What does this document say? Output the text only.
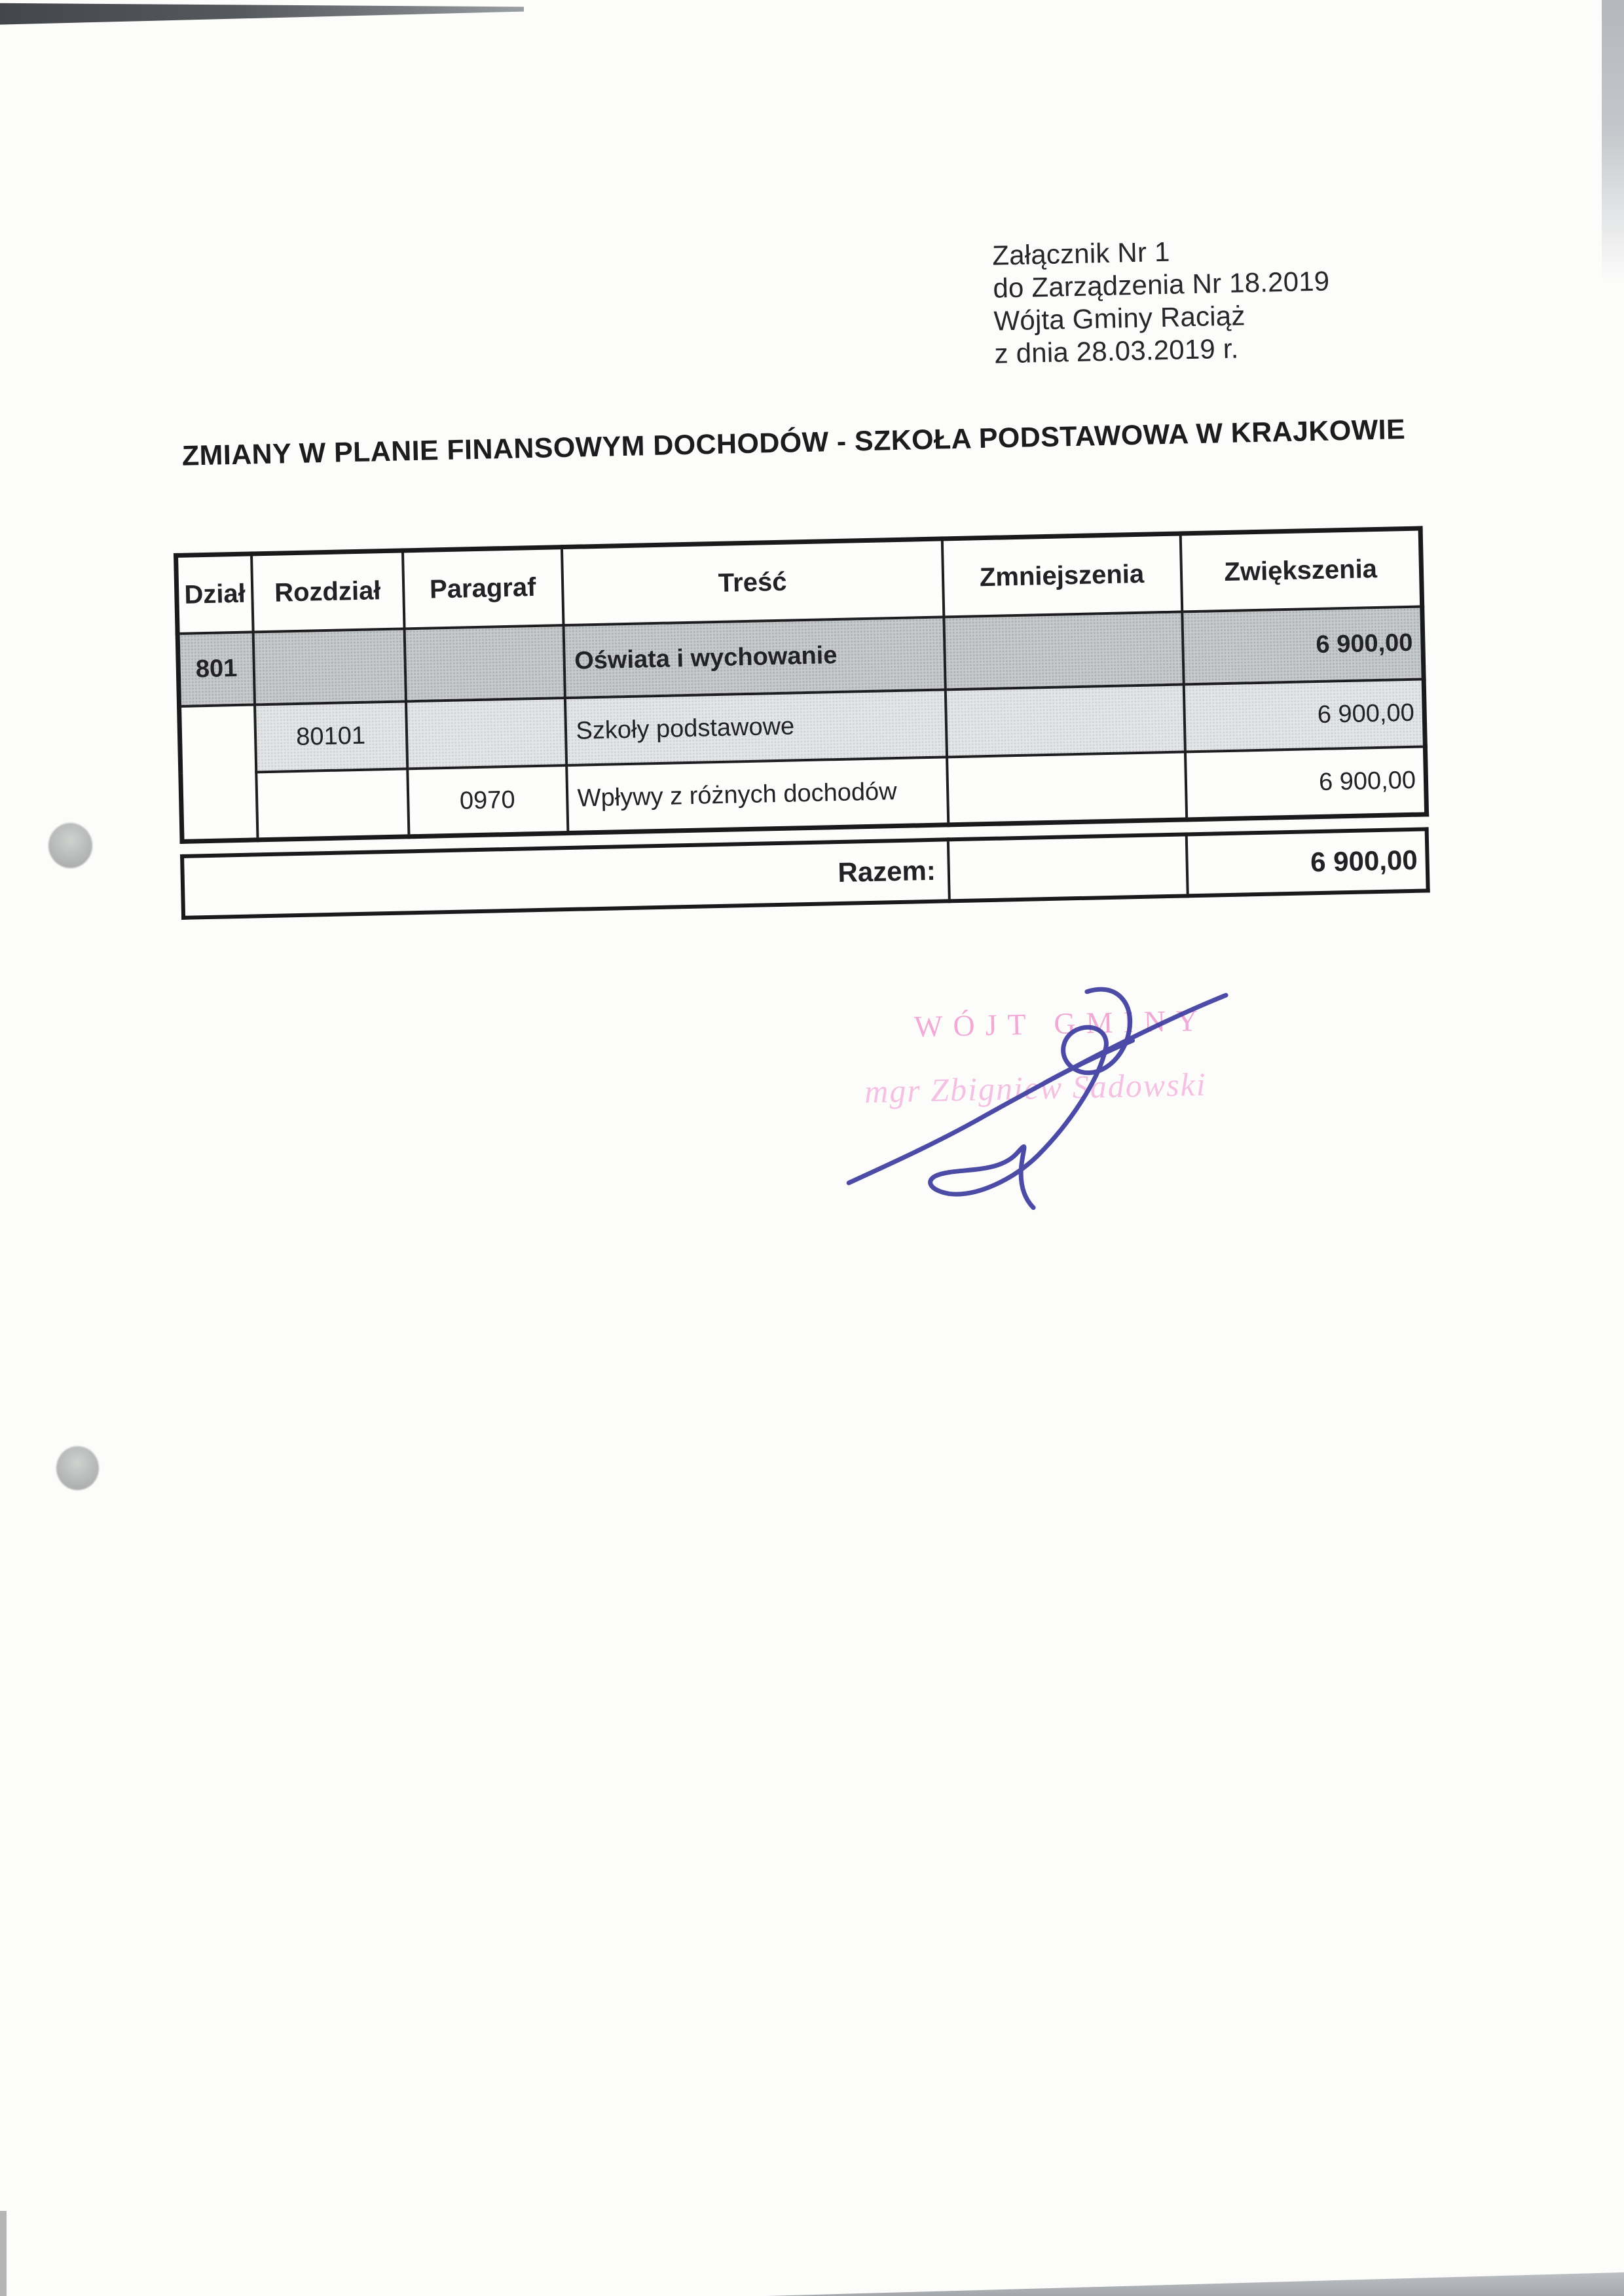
Załącznik Nr 1
do Zarządzenia Nr 18.2019
Wójta Gminy Raciąż
z dnia 28.03.2019 r.
ZMIANY W PLANIE FINANSOWYM DOCHODÓW - SZKOŁA PODSTAWOWA W KRAJKOWIE
Dział	Rozdział	Paragraf	Treść	Zmniejszenia	Zwiększenia
801			Oświata i wychowanie		6 900,00
	80101		Szkoły podstawowe		6 900,00
		0970	Wpływy z różnych dochodów		6 900,00
Razem:		6 900,00
WÓJT GMINY
mgr Zbigniew Sadowski
